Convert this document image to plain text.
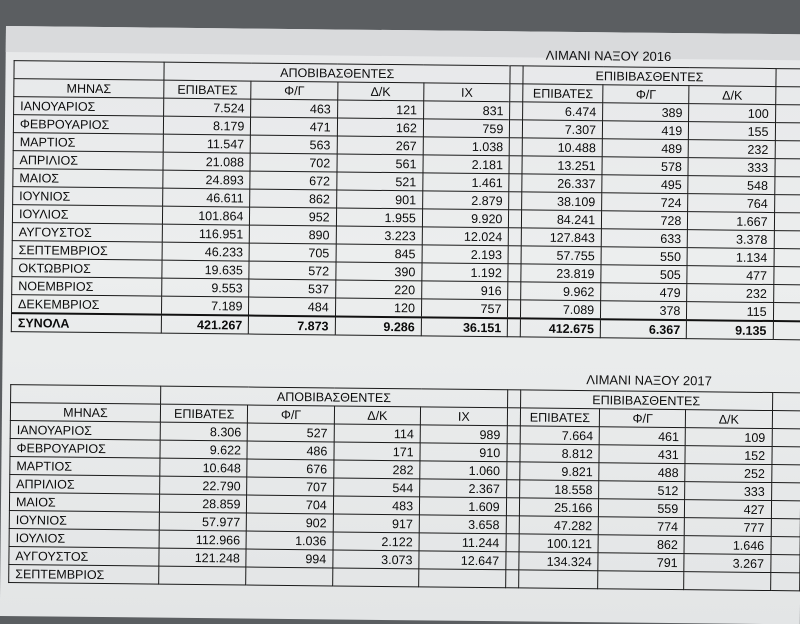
ΛΙΜΑΝΙ ΝΑΞΟΥ 2016
	ΑΠΟΒΙΒΑΣΘΕΝΤΕΣ					ΕΠΙΒΙΒΑΣΘΕΝΤΕΣ			
ΜΗΝΑΣ	ΕΠΙΒΑΤΕΣ	Φ/Γ	Δ/Κ	ΙΧ		ΕΠΙΒΑΤΕΣ	Φ/Γ	Δ/Κ	
ΙΑΝΟΥΑΡΙΟΣ	7.524	463	121	831		6.474	389	100	
ΦΕΒΡΟΥΑΡΙΟΣ	8.179	471	162	759		7.307	419	155	
ΜΑΡΤΙΟΣ	11.547	563	267	1.038		10.488	489	232	
ΑΠΡΙΛΙΟΣ	21.088	702	561	2.181		13.251	578	333	
ΜΑΙΟΣ	24.893	672	521	1.461		26.337	495	548	
ΙΟΥΝΙΟΣ	46.611	862	901	2.879		38.109	724	764	
ΙΟΥΛΙΟΣ	101.864	952	1.955	9.920		84.241	728	1.667	
ΑΥΓΟΥΣΤΟΣ	116.951	890	3.223	12.024		127.843	633	3.378	
ΣΕΠΤΕΜΒΡΙΟΣ	46.233	705	845	2.193		57.755	550	1.134	
ΟΚΤΩΒΡΙΟΣ	19.635	572	390	1.192		23.819	505	477	
ΝΟΕΜΒΡΙΟΣ	9.553	537	220	916		9.962	479	232	
ΔΕΚΕΜΒΡΙΟΣ	7.189	484	120	757		7.089	378	115	
ΣΥΝΟΛΑ	421.267	7.873	9.286	36.151		412.675	6.367	9.135	
ΛΙΜΑΝΙ ΝΑΞΟΥ 2017
	ΑΠΟΒΙΒΑΣΘΕΝΤΕΣ					ΕΠΙΒΙΒΑΣΘΕΝΤΕΣ			
ΜΗΝΑΣ	ΕΠΙΒΑΤΕΣ	Φ/Γ	Δ/Κ	ΙΧ		ΕΠΙΒΑΤΕΣ	Φ/Γ	Δ/Κ	
ΙΑΝΟΥΑΡΙΟΣ	8.306	527	114	989		7.664	461	109	
ΦΕΒΡΟΥΑΡΙΟΣ	9.622	486	171	910		8.812	431	152	
ΜΑΡΤΙΟΣ	10.648	676	282	1.060		9.821	488	252	
ΑΠΡΙΛΙΟΣ	22.790	707	544	2.367		18.558	512	333	
ΜΑΙΟΣ	28.859	704	483	1.609		25.166	559	427	
ΙΟΥΝΙΟΣ	57.977	902	917	3.658		47.282	774	777	
ΙΟΥΛΙΟΣ	112.966	1.036	2.122	11.244		100.121	862	1.646	
ΑΥΓΟΥΣΤΟΣ	121.248	994	3.073	12.647		134.324	791	3.267	
ΣΕΠΤΕΜΒΡΙΟΣ									
